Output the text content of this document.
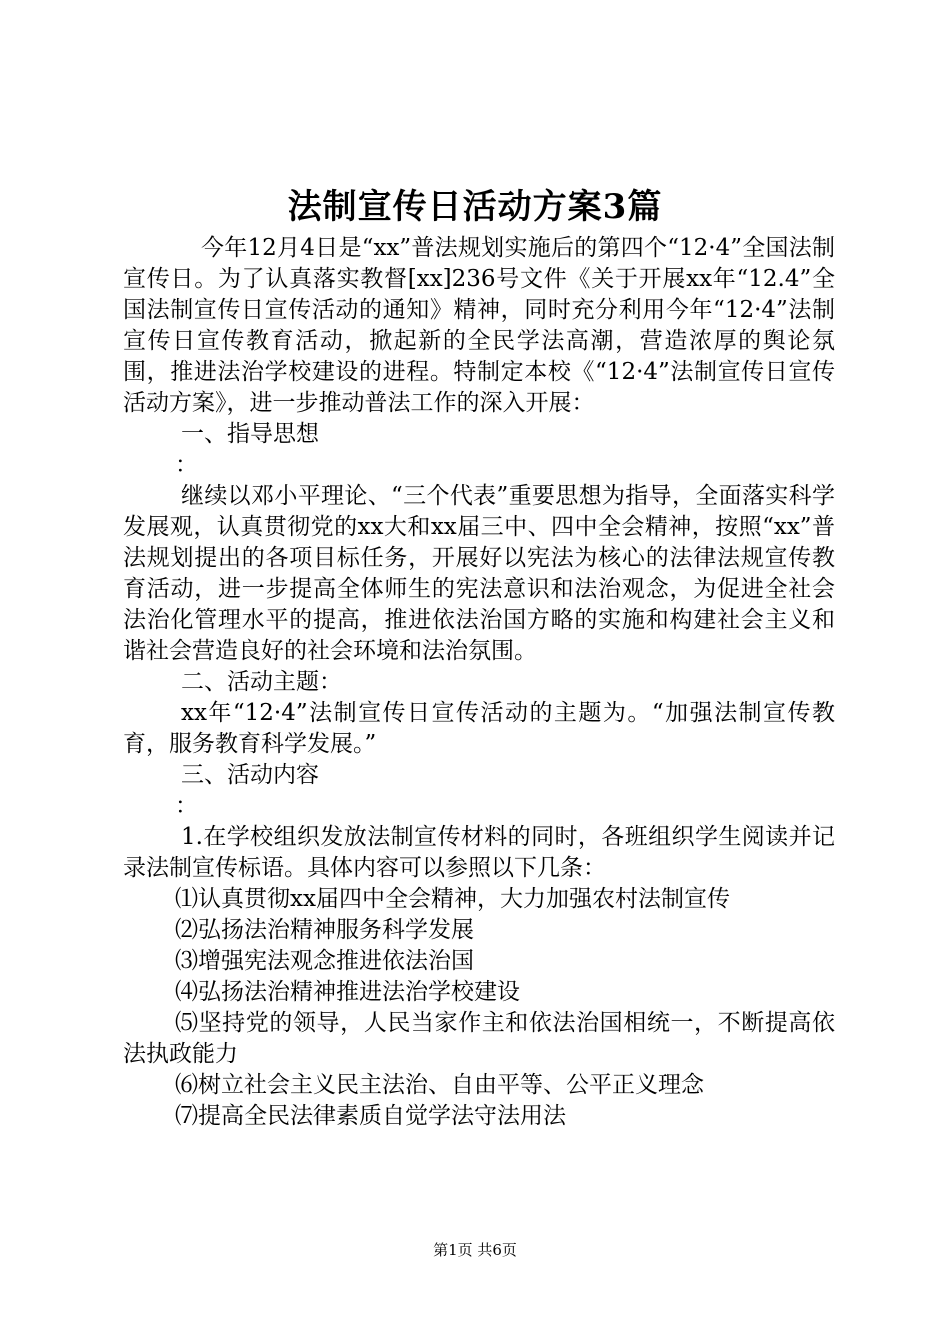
法制宣传日活动方案3篇

今年12月4日是“xx”普法规划实施后的第四个“12·4”全国法制宣传日。为了认真落实教督[xx]236号文件《关于开展xx年“12.4”全国法制宣传日宣传活动的通知》精神，同时充分利用今年“12·4”法制宣传日宣传教育活动，掀起新的全民学法高潮，营造浓厚的舆论氛围，推进法治学校建设的进程。特制定本校《“12·4”法制宣传日宣传活动方案》，进一步推动普法工作的深入开展：

一、指导思想

：

继续以邓小平理论、“三个代表”重要思想为指导，全面落实科学发展观，认真贯彻党的xx大和xx届三中、四中全会精神，按照“xx”普法规划提出的各项目标任务，开展好以宪法为核心的法律法规宣传教育活动，进一步提高全体师生的宪法意识和法治观念，为促进全社会法治化管理水平的提高，推进依法治国方略的实施和构建社会主义和谐社会营造良好的社会环境和法治氛围。

二、活动主题：

xx年“12·4”法制宣传日宣传活动的主题为。“加强法制宣传教育，服务教育科学发展。”

三、活动内容

：

1.在学校组织发放法制宣传材料的同时，各班组织学生阅读并记录法制宣传标语。具体内容可以参照以下几条：

⑴认真贯彻xx届四中全会精神，大力加强农村法制宣传

⑵弘扬法治精神服务科学发展

⑶增强宪法观念推进依法治国

⑷弘扬法治精神推进法治学校建设

⑸坚持党的领导，人民当家作主和依法治国相统一，不断提高依法执政能力

⑹树立社会主义民主法治、自由平等、公平正义理念

⑺提高全民法律素质自觉学法守法用法

第1页 共6页
